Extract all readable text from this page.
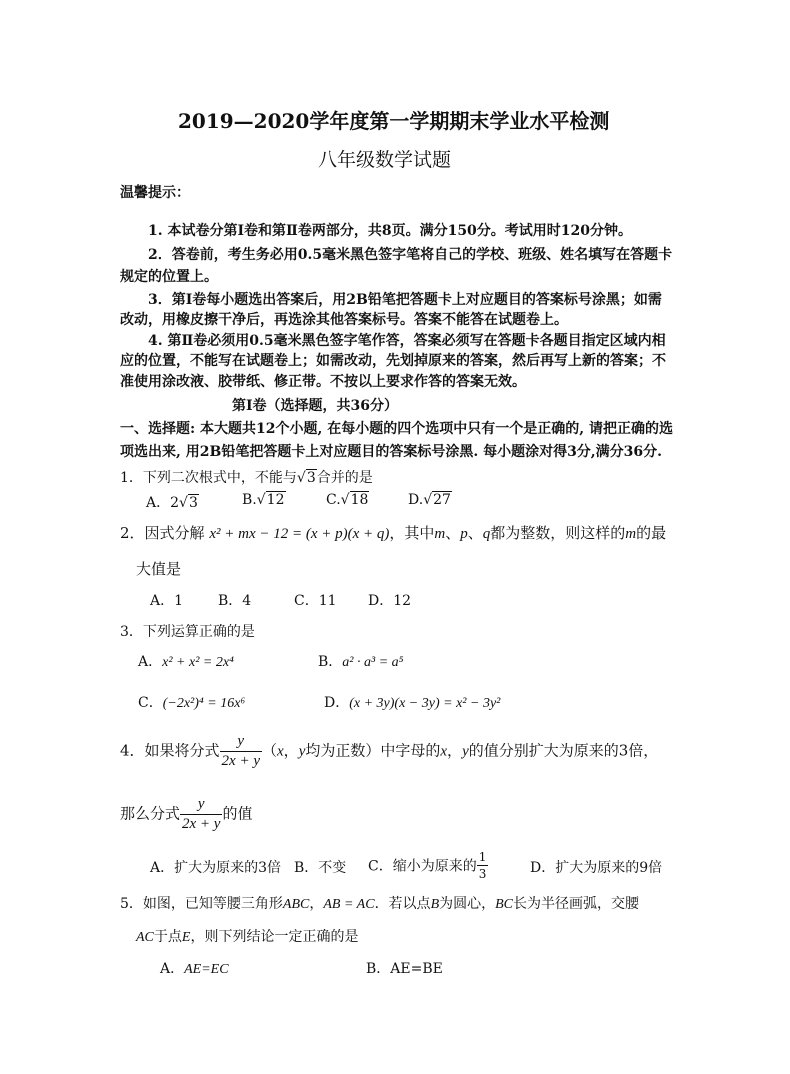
2019—2020学年度第一学期期末学业水平检测
八年级数学试题
温馨提示：
1. 本试卷分第Ⅰ卷和第Ⅱ卷两部分，共8页。满分150分。考试用时120分钟。
2．答卷前，考生务必用0.5毫米黑色签字笔将自己的学校、班级、姓名填写在答题卡
规定的位置上。
3．第Ⅰ卷每小题选出答案后，用2B铅笔把答题卡上对应题目的答案标号涂黑；如需
改动，用橡皮擦干净后，再选涂其他答案标号。答案不能答在试题卷上。
4. 第Ⅱ卷必须用0.5毫米黑色签字笔作答，答案必须写在答题卡各题目指定区域内相
应的位置，不能写在试题卷上；如需改动，先划掉原来的答案，然后再写上新的答案；不
准使用涂改液、胶带纸、修正带。不按以上要求作答的答案无效。
第Ⅰ卷（选择题，共36分）
一、选择题: 本大题共12个小题, 在每小题的四个选项中只有一个是正确的, 请把正确的选
项选出来, 用2B铅笔把答题卡上对应题目的答案标号涂黑. 每小题涂对得3分,满分36分.
1．下列二次根式中，不能与√3合并的是
A．2√3	B.√12	C.√18	D.√27
2．因式分解 x² + mx − 12 = (x + p)(x + q)，其中m、p、q都为整数，则这样的m的最
大值是
A．1 B．4	C．11 D．12
3．下列运算正确的是
A．x² + x² = 2x⁴	B．a² · a³ = a⁵
C．(−2x²)⁴ = 16x⁶	D．(x + 3y)(x − 3y) = x² − 3y²
4．如果将分式 $\frac{y}{2x + y} (x$，y均为正数）中字母的x，y的值分别扩大为原来的3倍，
那么分式 $\frac{y}{2x + y}$ 的值
A．扩大为原来的3倍 B．不变 C．缩小为原来的 $\frac{1}{3}$	D．扩大为原来的9倍
5．如图，已知等腰三角形ABC，AB = AC．若以点B为圆心，BC长为半径画弧，交腰
AC于点E，则下列结论一定正确的是
A．AE=EC	B．AE=BE
